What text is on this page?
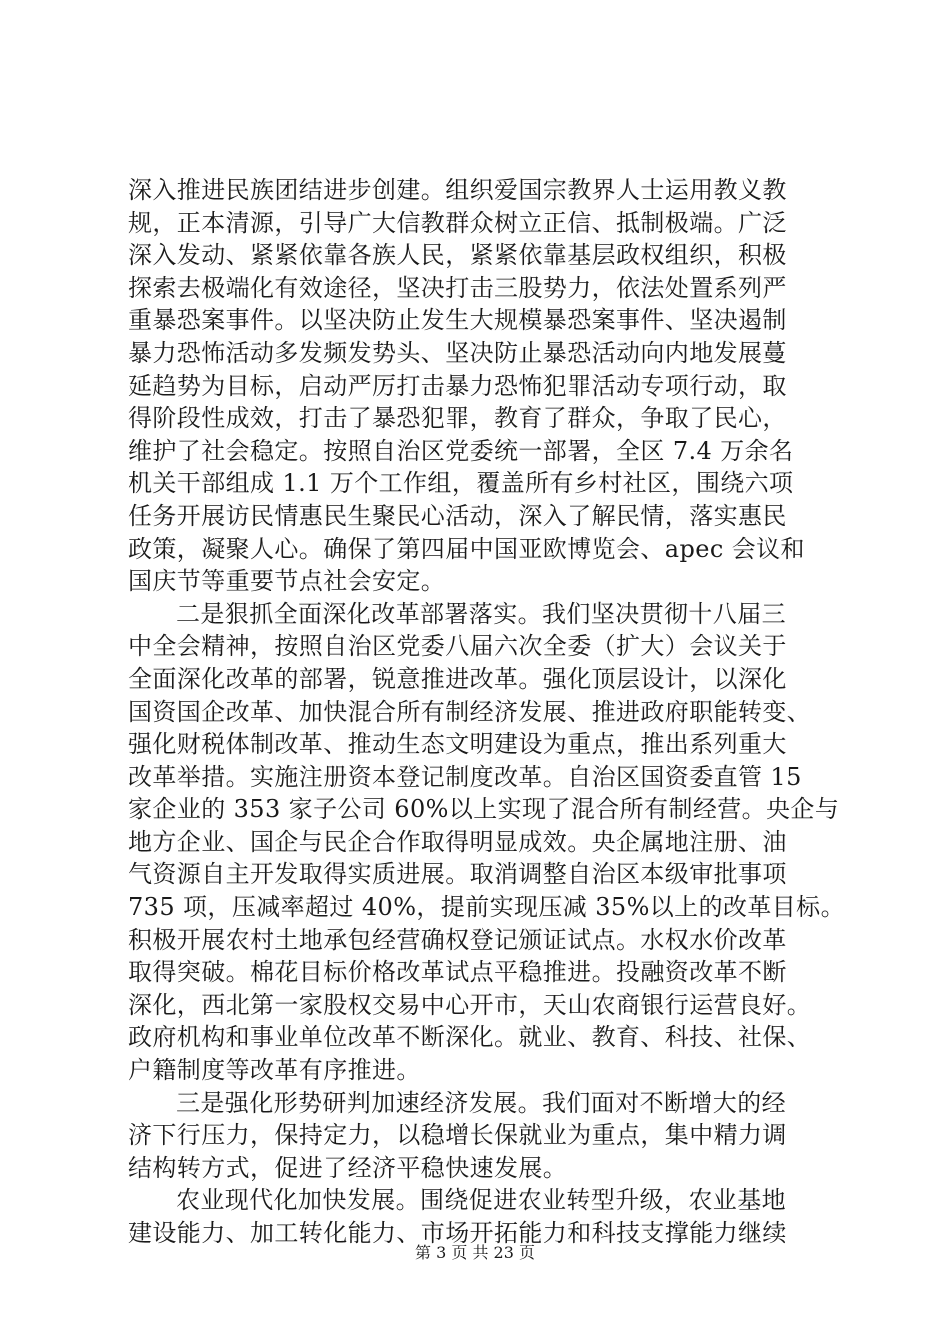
深入推进民族团结进步创建。组织爱国宗教界人士运用教义教
规，正本清源，引导广大信教群众树立正信、抵制极端。广泛
深入发动、紧紧依靠各族人民，紧紧依靠基层政权组织，积极
探索去极端化有效途径，坚决打击三股势力，依法处置系列严
重暴恐案事件。以坚决防止发生大规模暴恐案事件、坚决遏制
暴力恐怖活动多发频发势头、坚决防止暴恐活动向内地发展蔓
延趋势为目标，启动严厉打击暴力恐怖犯罪活动专项行动，取
得阶段性成效，打击了暴恐犯罪，教育了群众，争取了民心，
维护了社会稳定。按照自治区党委统一部署，全区 7.4 万余名
机关干部组成 1.1 万个工作组，覆盖所有乡村社区，围绕六项
任务开展访民情惠民生聚民心活动，深入了解民情，落实惠民
政策，凝聚人心。确保了第四届中国亚欧博览会、apec 会议和
国庆节等重要节点社会安定。
二是狠抓全面深化改革部署落实。我们坚决贯彻十八届三
中全会精神，按照自治区党委八届六次全委（扩大）会议关于
全面深化改革的部署，锐意推进改革。强化顶层设计，以深化
国资国企改革、加快混合所有制经济发展、推进政府职能转变、
强化财税体制改革、推动生态文明建设为重点，推出系列重大
改革举措。实施注册资本登记制度改革。自治区国资委直管 15
家企业的 353 家子公司 60%以上实现了混合所有制经营。央企与
地方企业、国企与民企合作取得明显成效。央企属地注册、油
气资源自主开发取得实质进展。取消调整自治区本级审批事项
735 项，压减率超过 40%，提前实现压减 35%以上的改革目标。
积极开展农村土地承包经营确权登记颁证试点。水权水价改革
取得突破。棉花目标价格改革试点平稳推进。投融资改革不断
深化，西北第一家股权交易中心开市，天山农商银行运营良好。
政府机构和事业单位改革不断深化。就业、教育、科技、社保、
户籍制度等改革有序推进。
三是强化形势研判加速经济发展。我们面对不断增大的经
济下行压力，保持定力，以稳增长保就业为重点，集中精力调
结构转方式，促进了经济平稳快速发展。
农业现代化加快发展。围绕促进农业转型升级，农业基地
建设能力、加工转化能力、市场开拓能力和科技支撑能力继续
第 3 页 共 23 页
